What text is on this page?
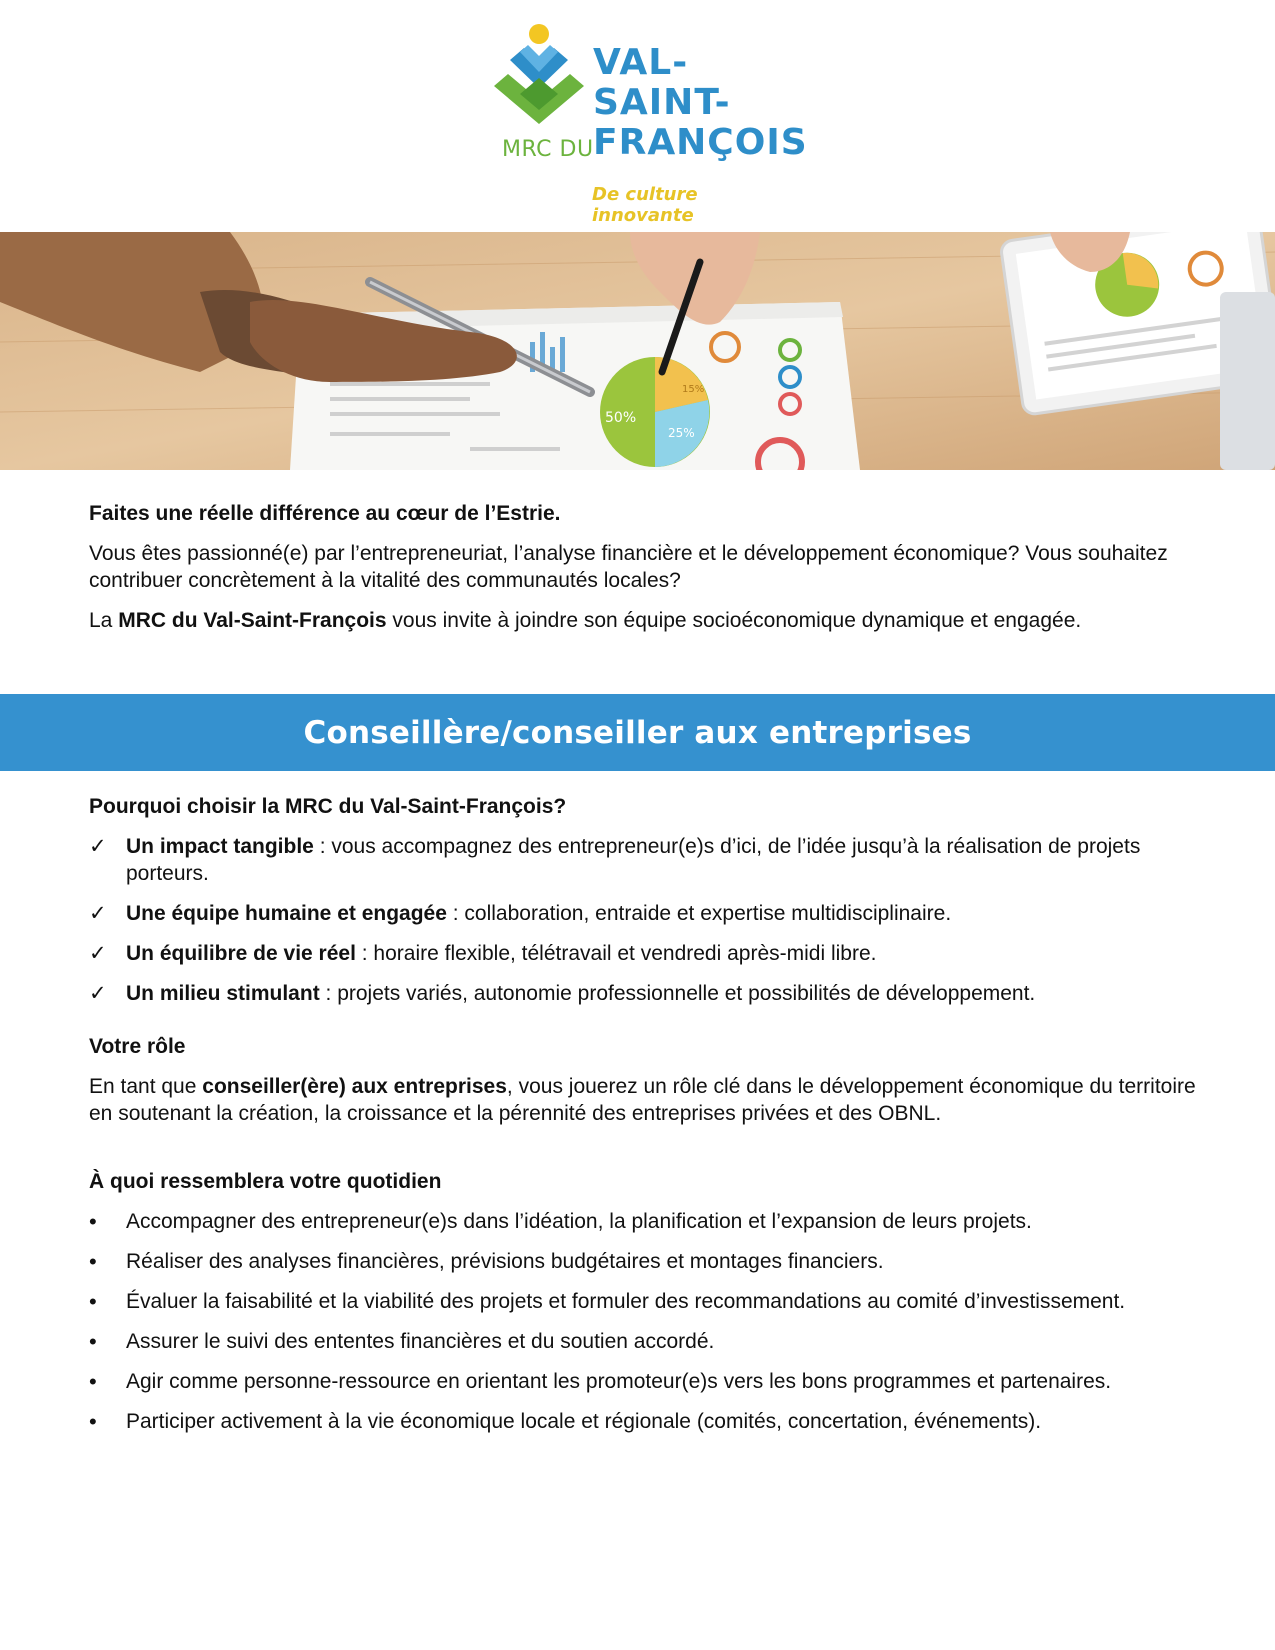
MRC DU
VAL-
SAINT-
FRANÇOIS
De culture innovante
50%
25%
15%
Faites une réelle différence au cœur de l’Estrie.

Vous êtes passionné(e) par l’entrepreneuriat, l’analyse financière et le développement économique? Vous souhaitez contribuer concrètement à la vitalité des communautés locales?

La MRC du Val-Saint-François vous invite à joindre son équipe socioéconomique dynamique et engagée.

Conseillère/conseiller aux entreprises
Pourquoi choisir la MRC du Val-Saint-François?
✓ Un impact tangible : vous accompagnez des entrepreneur(e)s d’ici, de l’idée jusqu’à la réalisation de projets porteurs.
✓ Une équipe humaine et engagée : collaboration, entraide et expertise multidisciplinaire.
✓ Un équilibre de vie réel : horaire flexible, télétravail et vendredi après-midi libre.
✓ Un milieu stimulant : projets variés, autonomie professionnelle et possibilités de développement.
Votre rôle

En tant que conseiller(ère) aux entreprises, vous jouerez un rôle clé dans le développement économique du territoire en soutenant la création, la croissance et la pérennité des entreprises privées et des OBNL.

À quoi ressemblera votre quotidien
• Accompagner des entrepreneur(e)s dans l’idéation, la planification et l’expansion de leurs projets.
• Réaliser des analyses financières, prévisions budgétaires et montages financiers.
• Évaluer la faisabilité et la viabilité des projets et formuler des recommandations au comité d’investissement.
• Assurer le suivi des ententes financières et du soutien accordé.
• Agir comme personne-ressource en orientant les promoteur(e)s vers les bons programmes et partenaires.
• Participer activement à la vie économique locale et régionale (comités, concertation, événements).
